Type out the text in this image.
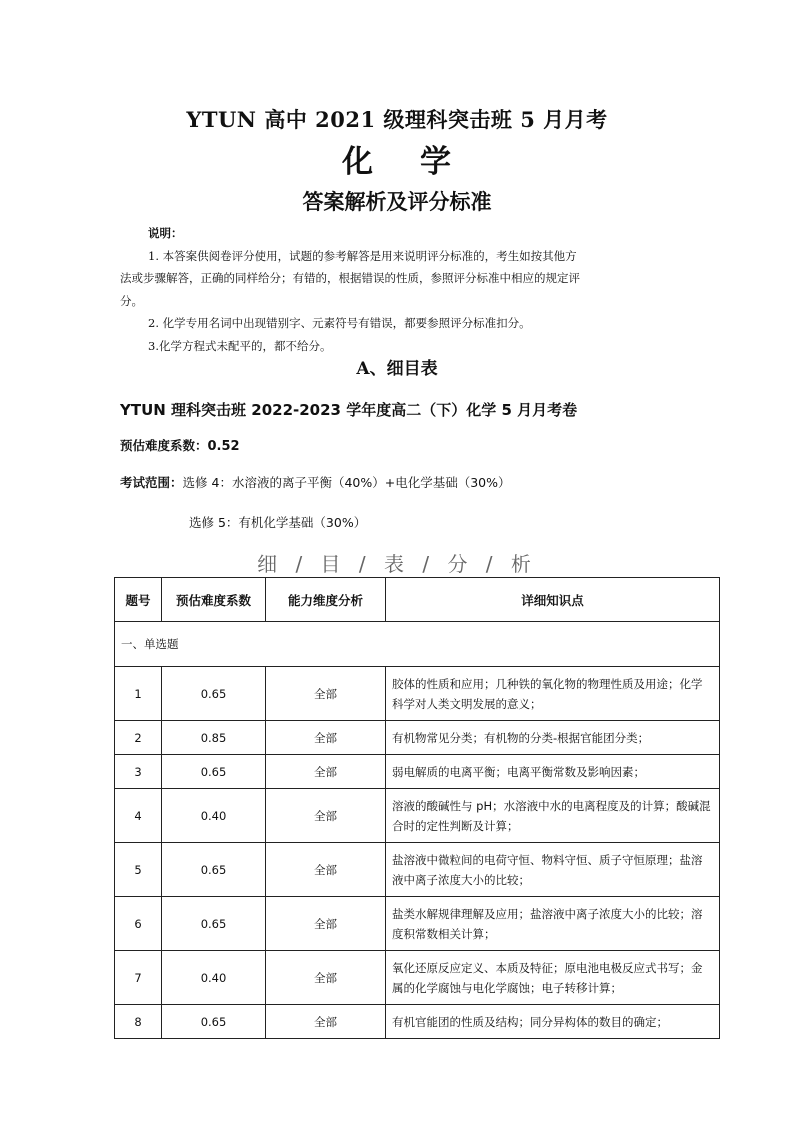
YTUN 高中 2021 级理科突击班 5 月月考
化 学
答案解析及评分标准

说明：

1. 本答案供阅卷评分使用，试题的参考解答是用来说明评分标准的，考生如按其他方

法或步骤解答，正确的同样给分；有错的，根据错误的性质，参照评分标准中相应的规定评

分。

2. 化学专用名词中出现错别字、元素符号有错误，都要参照评分标准扣分。

3.化学方程式未配平的，都不给分。

A、细目表
YTUN 理科突击班 2022-2023 学年度高二（下）化学 5 月月考卷
预估难度系数：0.52
考试范围：选修 4：水溶液的离子平衡（40%）+电化学基础（30%）
选修 5：有机化学基础（30%）
细 / 目 / 表 / 分 / 析
题号	预估难度系数	能力维度分析	详细知识点
一、单选题			
1	0.65	全部	胶体的性质和应用；几种铁的氧化物的物理性质及用途；化学科学对人类文明发展的意义；
2	0.85	全部	有机物常见分类；有机物的分类-根据官能团分类；
3	0.65	全部	弱电解质的电离平衡；电离平衡常数及影响因素；
4	0.40	全部	溶液的酸碱性与 pH；水溶液中水的电离程度及的计算；酸碱混合时的定性判断及计算；
5	0.65	全部	盐溶液中微粒间的电荷守恒、物料守恒、质子守恒原理；盐溶液中离子浓度大小的比较；
6	0.65	全部	盐类水解规律理解及应用；盐溶液中离子浓度大小的比较；溶度积常数相关计算；
7	0.40	全部	氧化还原反应定义、本质及特征；原电池电极反应式书写；金属的化学腐蚀与电化学腐蚀；电子转移计算；
8	0.65	全部	有机官能团的性质及结构；同分异构体的数目的确定；
